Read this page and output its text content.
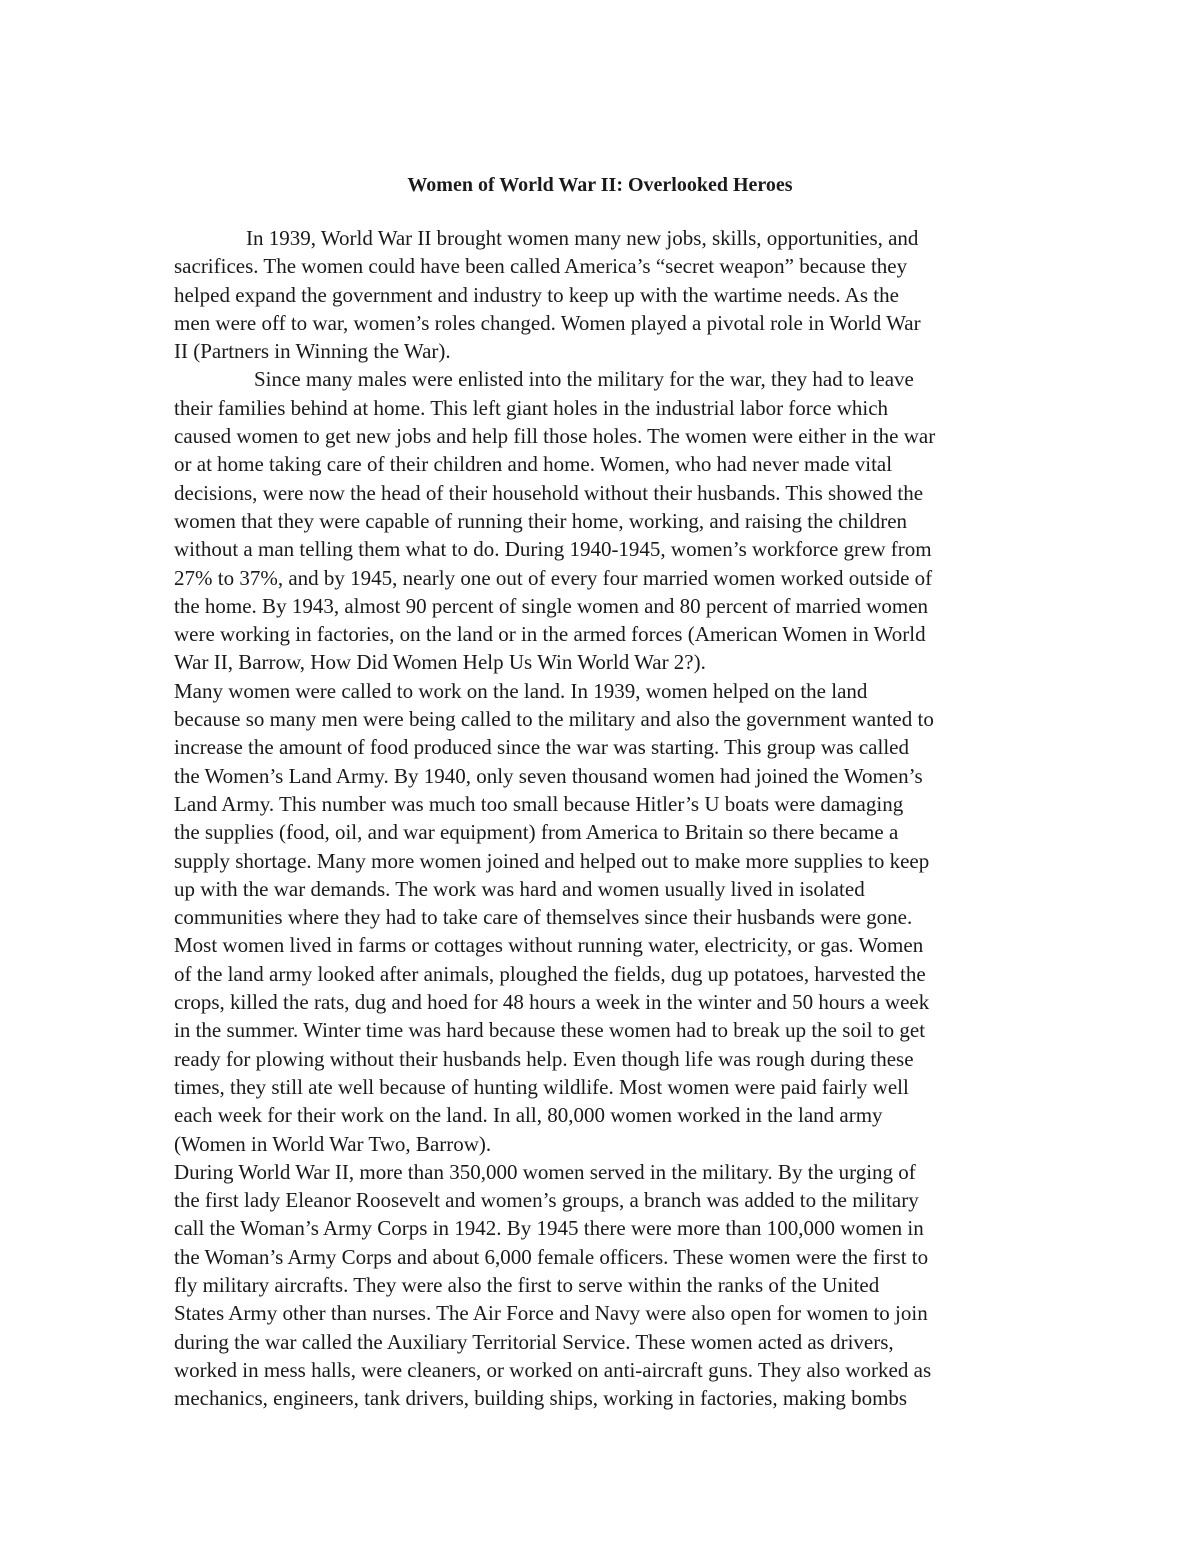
Women of World War II: Overlooked Heroes

In 1939, World War II brought women many new jobs, skills, opportunities, and
sacrifices. The women could have been called America’s “secret weapon” because they
helped expand the government and industry to keep up with the wartime needs. As the
men were off to war, women’s roles changed. Women played a pivotal role in World War
II (Partners in Winning the War).

Since many males were enlisted into the military for the war, they had to leave
their families behind at home. This left giant holes in the industrial labor force which
caused women to get new jobs and help fill those holes. The women were either in the war
or at home taking care of their children and home. Women, who had never made vital
decisions, were now the head of their household without their husbands. This showed the
women that they were capable of running their home, working, and raising the children
without a man telling them what to do. During 1940-1945, women’s workforce grew from
27% to 37%, and by 1945, nearly one out of every four married women worked outside of
the home. By 1943, almost 90 percent of single women and 80 percent of married women
were working in factories, on the land or in the armed forces (American Women in World
War II, Barrow, How Did Women Help Us Win World War 2?).

Many women were called to work on the land. In 1939, women helped on the land
because so many men were being called to the military and also the government wanted to
increase the amount of food produced since the war was starting. This group was called
the Women’s Land Army. By 1940, only seven thousand women had joined the Women’s
Land Army. This number was much too small because Hitler’s U boats were damaging
the supplies (food, oil, and war equipment) from America to Britain so there became a
supply shortage. Many more women joined and helped out to make more supplies to keep
up with the war demands. The work was hard and women usually lived in isolated
communities where they had to take care of themselves since their husbands were gone.
Most women lived in farms or cottages without running water, electricity, or gas. Women
of the land army looked after animals, ploughed the fields, dug up potatoes, harvested the
crops, killed the rats, dug and hoed for 48 hours a week in the winter and 50 hours a week
in the summer. Winter time was hard because these women had to break up the soil to get
ready for plowing without their husbands help. Even though life was rough during these
times, they still ate well because of hunting wildlife. Most women were paid fairly well
each week for their work on the land. In all, 80,000 women worked in the land army
(Women in World War Two, Barrow).

During World War II, more than 350,000 women served in the military. By the urging of
the first lady Eleanor Roosevelt and women’s groups, a branch was added to the military
call the Woman’s Army Corps in 1942. By 1945 there were more than 100,000 women in
the Woman’s Army Corps and about 6,000 female officers. These women were the first to
fly military aircrafts. They were also the first to serve within the ranks of the United
States Army other than nurses. The Air Force and Navy were also open for women to join
during the war called the Auxiliary Territorial Service. These women acted as drivers,
worked in mess halls, were cleaners, or worked on anti-aircraft guns. They also worked as
mechanics, engineers, tank drivers, building ships, working in factories, making bombs
